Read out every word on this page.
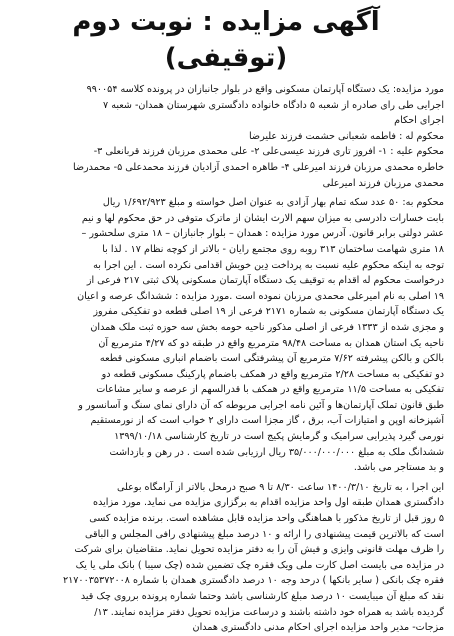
آگهی مزایده : نوبت دوم (توقیفی)
مورد مزایده: یک دستگاه آپارتمان مسکونی واقع در بلوار جانبازان در پرونده کلاسه ۹۹۰۰۵۴
اجرایی طی رای صادره از شعبه ۵ دادگاه خانواده دادگستری شهرستان همدان- شعبه ۷
اجرای احکام
محکوم له : فاطمه شعبانی حشمت فرزند علیرضا
محکوم علیه : ۱- افروز تاری فرزند عیسی‌علی ۲- علی محمدی مرزبان فرزند قربانعلی ۳-
خاطره محمدی مرزبان فرزند امیرعلی ۴- طاهره احمدی آزادیان فرزند محمدعلی ۵- محمدرضا
محمدی مرزبان فرزند امیرعلی
محکوم به: ۵۰ عدد سکه تمام بهار آزادی به عنوان اصل خواسته و مبلغ ۱/۶۹۲/۹۲۳ ریال
بابت خسارات دادرسی به میزان سهم الارث ایشان از ماترک متوفی در حق محکوم لها و نیم
عشر دولتی برابر قانون. آدرس مورد مزایده : همدان – بلوار جانبازان – ۱۸ متری سلحشور –
۱۸ متری شهامت ساختمان ۳۱۳ روبه روی مجتمع رایان - بالاتر از کوچه نظام ۱۷ . لذا با
توجه به اینکه محکوم علیه نسبت به پرداخت دِین خویش اقدامی نکرده است . این اجرا به
درخواست محکوم له اقدام به توقیف یک دستگاه آپارتمان مسکونی پلاک ثبتی ۲۱۷ فرعی از
۱۹ اصلی به نام امیرعلی محمدی مرزبان نموده است .مورد مزایده : ششدانگ عرصه و اعیان
یک دستگاه آپارتمان مسکونی به شماره ۲۱۷۱ فرعی از ۱۹ اصلی قطعه دو تفکیکی مفروز
و مجزی شده از ۱۳۳۳ فرعی از اصلی مذکور ناحیه حومه بخش سه حوزه ثبت ملک همدان
ناحیه یک استان همدان به مساحت ۹۸/۴۸ مترمربع واقع در طبقه دو که ۴/۲۷ مترمربع آن
بالکن و بالکن پیشرفته ۷/۶۲ مترمربع آن پیشرفتگی است باضمام انباری مسکونی قطعه
دو تفکیکی به مساحت ۲/۲۸ مترمربع واقع در همکف باضمام پارکینگ مسکونی قطعه دو
تفکیکی به مساحت ۱۱/۵ مترمربع واقع در همکف با قدرالسهم از عرصه و سایر مشاعات
طبق قانون تملک آپارتمان‌ها و آئین نامه اجرایی مربوطه که آن دارای نمای سنگ و آسانسور و
آشپزخانه اوپن و امتیازات آب، برق ، گاز مجزا است دارای ۲ خواب است که از نورمستقیم
نورمی گیرد پذیرایی سرامیک و گرمایش پکیج است در تاریخ کارشناسی ۱۳۹۹/۱۰/۱۸
ششدانگ ملک به مبلغ ۳۵/۰۰۰/۰۰۰/۰۰۰ ریال ارزیابی شده است . در رهن و بازداشت
و بد مستاجر می باشد.
این اجرا ، به تاریخ ۱۴۰۰/۳/۱۰ ساعت ۸/۳۰ تا ۹ صبح درمحل بالاتر از آرامگاه بوعلی
دادگستری همدان طبقه اول واحد مزایده اقدام به برگزاری مزایده می نماید. مورد مزایده
۵ روز قبل از تاریخ مذکور با هماهنگی واحد مزایده قابل مشاهده است. برنده مزایده کسی
است که بالاترین قیمت پیشنهادی را ارائه و ۱۰ درصد مبلغ پیشنهادی رافی المجلس و الباقی
را ظرف مهلت قانونی وایزی و فیش آن را به دفتر مزایده تحویل نماید. متقاضیان برای شرکت
در مزایده می بایست اصل کارت ملی ویک فقره چک تضمین شده (چک سیبا ) بانک ملی یا یک
فقره چک بانکی ( سایر بانکها ) درحد وجه ۱۰ درصد دادگستری همدان با شماره ۲۱۷۰۰۳۵۳۷۲۰۰۸
نقد که مبلغ آن میبایست ۱۰ درصد مبلغ کارشناسی باشد وحتما شماره پرونده برروی چک قید
گردیده باشد به همراه خود داشته باشند و درساعت مزایده تحویل دفتر مزایده نمایند. ۱۳/
مزجات- مدیر واحد مزایده اجرای احکام مدنی دادگستری همدان
